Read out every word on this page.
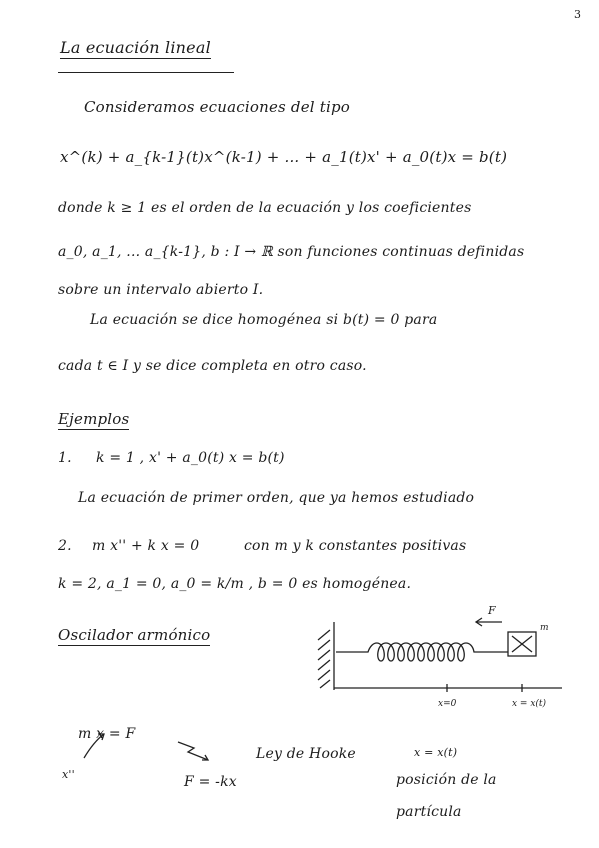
3
La ecuación lineal
Consideramos ecuaciones del tipo
x^(k) + a_{k-1}(t)x^(k-1) + ... + a_1(t)x' + a_0(t)x = b(t)
donde k ≥ 1 es el orden de la ecuación y los coeficientes
a_0, a_1, ... a_{k-1}, b : I → ℝ son funciones continuas definidas
sobre un intervalo abierto I.
La ecuación se dice homogénea si b(t) = 0 para
cada t ∈ I y se dice completa en otro caso.
Ejemplos
1. k = 1 , x' + a_0(t) x = b(t)
La ecuación de primer orden, que ya hemos estudiado
2. m x'' + k x = 0	con m y k constantes positivas
k = 2, a_1 = 0, a_0 = k/m , b = 0 es homogénea.
Oscilador armónico
F
m
x=0	x = x(t)
m x = F
x''	F = -kx
Ley de Hooke	x = x(t)
posición de la
partícula
